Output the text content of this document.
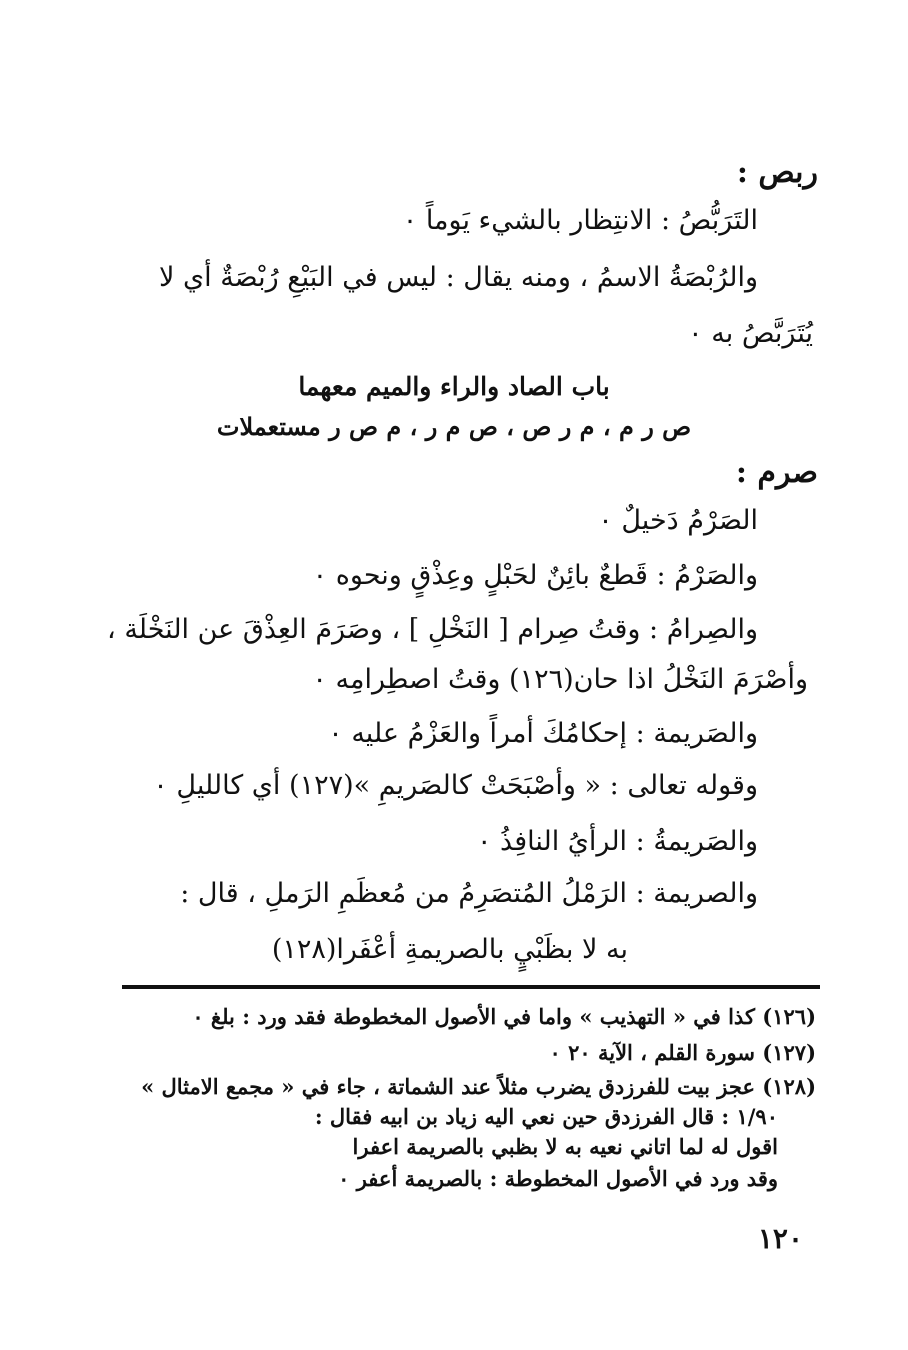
ربص :
التَرَبُّصُ : الانتِظار بالشيء يَوماً ٠
والرُبْصَةُ الاسمُ ، ومنه يقال : ليس في البَيْعِ رُبْصَةٌ أي لا
يُتَرَبَّصُ به ٠
باب الصاد والراء والميم معهما
ص ر م ، م ر ص ، ص م ر ، م ص ر مستعملات
صرم :
الصَرْمُ دَخيلٌ ٠
والصَرْمُ : قَطعٌ بائِنٌ لحَبْلٍ وعِذْقٍ ونحوه ٠
والصِرامُ : وقتُ صِرام [ النَخْلِ ] ، وصَرَمَ العِذْقَ عن النَخْلَة ،
وأصْرَمَ النَخْلُ اذا حان(١٢٦) وقتُ اصطِرامِه ٠
والصَريمة : إحكامُكَ أمراً والعَزْمُ عليه ٠
وقوله تعالى : « وأصْبَحَتْ كالصَريمِ »(١٢٧) أي كالليلِ ٠
والصَريمةُ : الرأيُ النافِذُ ٠
والصريمة : الرَمْلُ المُتصَرِمُ من مُعظَمِ الرَملِ ، قال :
به لا بظَبْيٍ بالصريمةِ أعْفَرا(١٢٨)
(١٢٦) كذا في « التهذيب » واما في الأصول المخطوطة فقد ورد : بلغ ٠
(١٢٧) سورة القلم ، الآية ٢٠ ٠
(١٢٨) عجز بيت للفرزدق يضرب مثلاً عند الشماتة ، جاء في « مجمع الامثال »
١/٩٠ : قال الفرزدق حين نعي اليه زياد بن ابيه فقال :
اقول له لما اتاني نعيه به لا بظبي بالصريمة اعفرا
وقد ورد في الأصول المخطوطة : بالصريمة أعفر ٠
١٢٠
